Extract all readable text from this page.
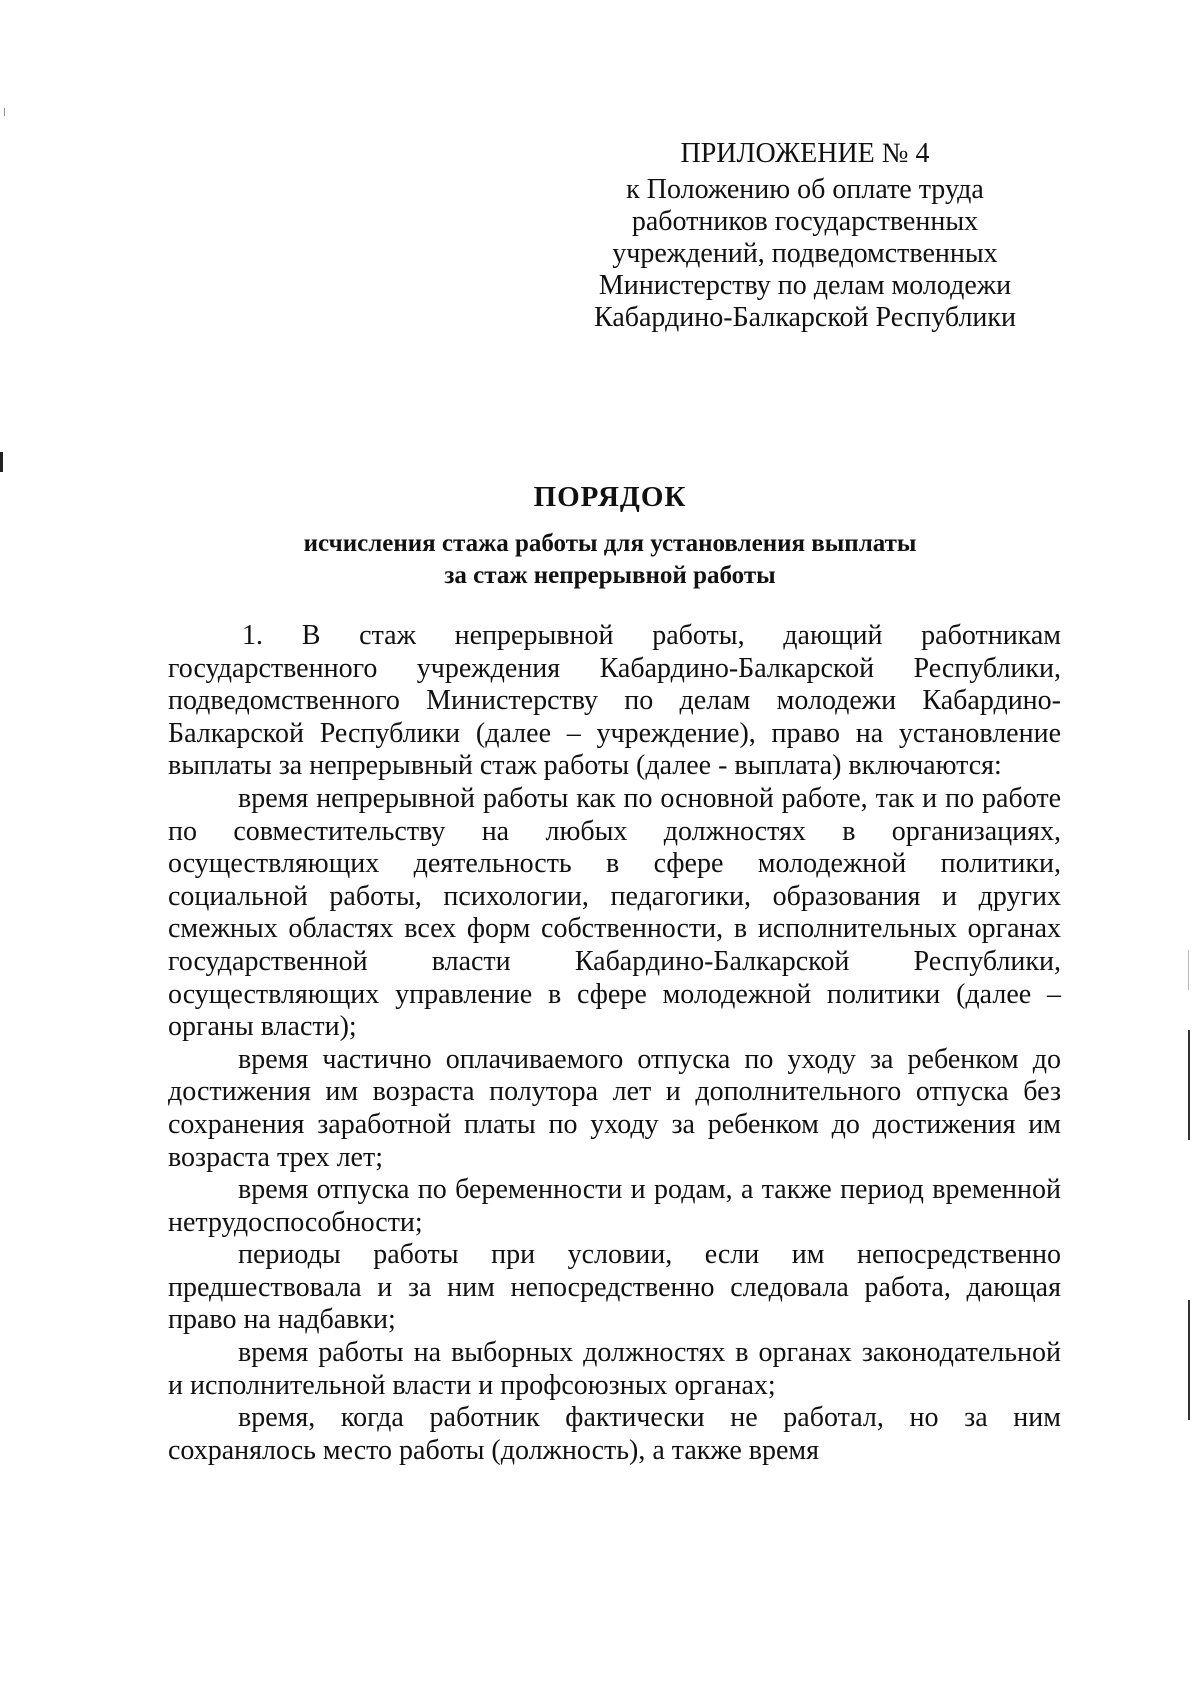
ПРИЛОЖЕНИЕ № 4
к Положению об оплате труда
работников государственных
учреждений, подведомственных
Министерству по делам молодежи
Кабардино-Балкарской Республики
ПОРЯДОК
исчисления стажа работы для установления выплаты
за стаж непрерывной работы

1. В стаж непрерывной работы, дающий работникам государственного учреждения Кабардино-Балкарской Республики, подведомственного Министерству по делам молодежи Кабардино-Балкарской Республики (далее – учреждение), право на установление выплаты за непрерывный стаж работы (далее - выплата) включаются:

время непрерывной работы как по основной работе, так и по работе по совместительству на любых должностях в организациях, осуществляющих деятельность в сфере молодежной политики, социальной работы, психологии, педагогики, образования и других смежных областях всех форм собственности, в исполнительных органах государственной власти Кабардино-Балкарской Республики, осуществляющих управление в сфере молодежной политики (далее – органы власти);

время частично оплачиваемого отпуска по уходу за ребенком до достижения им возраста полутора лет и дополнительного отпуска без сохранения заработной платы по уходу за ребенком до достижения им возраста трех лет;

время отпуска по беременности и родам, а также период временной нетрудоспособности;

периоды работы при условии, если им непосредственно предшествовала и за ним непосредственно следовала работа, дающая право на надбавки;

время работы на выборных должностях в органах законодательной и исполнительной власти и профсоюзных органах;

время, когда работник фактически не работал, но за ним сохранялось место работы (должность), а также время
